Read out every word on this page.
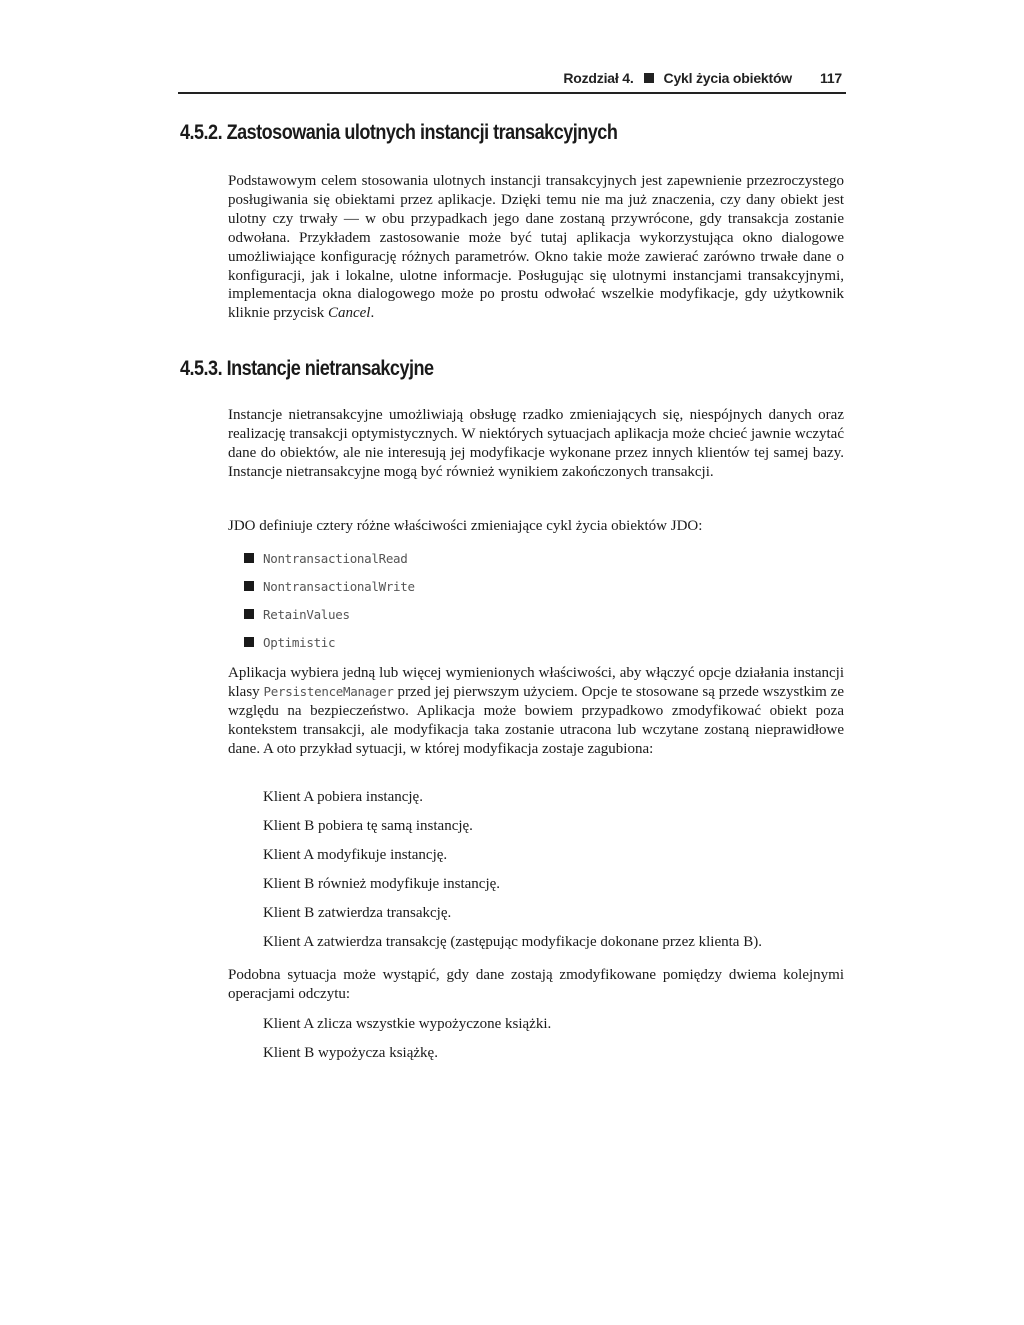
Rozdział 4. Cykl życia obiektów 117
4.5.2. Zastosowania ulotnych instancji transakcyjnych

Podstawowym celem stosowania ulotnych instancji transakcyjnych jest zapewnienie przezroczystego posługiwania się obiektami przez aplikacje. Dzięki temu nie ma już znaczenia, czy dany obiekt jest ulotny czy trwały — w obu przypadkach jego dane zostaną przywrócone, gdy transakcja zostanie odwołana. Przykładem zastosowanie może być tutaj aplikacja wykorzystująca okno dialogowe umożliwiające konfigurację różnych parametrów. Okno takie może zawierać zarówno trwałe dane o konfiguracji, jak i lokalne, ulotne informacje. Posługując się ulotnymi instancjami transakcyjnymi, implementacja okna dialogowego może po prostu odwołać wszelkie modyfikacje, gdy użytkownik kliknie przycisk Cancel.

4.5.3. Instancje nietransakcyjne

Instancje nietransakcyjne umożliwiają obsługę rzadko zmieniających się, niespójnych danych oraz realizację transakcji optymistycznych. W niektórych sytuacjach aplikacja może chcieć jawnie wczytać dane do obiektów, ale nie interesują jej modyfikacje wykonane przez innych klientów tej samej bazy. Instancje nietransakcyjne mogą być również wynikiem zakończonych transakcji.

JDO definiuje cztery różne właściwości zmieniające cykl życia obiektów JDO:

NontransactionalRead
NontransactionalWrite
RetainValues
Optimistic

Aplikacja wybiera jedną lub więcej wymienionych właściwości, aby włączyć opcje działania instancji klasy PersistenceManager przed jej pierwszym użyciem. Opcje te stosowane są przede wszystkim ze względu na bezpieczeństwo. Aplikacja może bowiem przypadkowo zmodyfikować obiekt poza kontekstem transakcji, ale modyfikacja taka zostanie utracona lub wczytane zostaną nieprawidłowe dane. A oto przykład sytuacji, w której modyfikacja zostaje zagubiona:

Klient A pobiera instancję.
Klient B pobiera tę samą instancję.
Klient A modyfikuje instancję.
Klient B również modyfikuje instancję.
Klient B zatwierdza transakcję.
Klient A zatwierdza transakcję (zastępując modyfikacje dokonane przez klienta B).

Podobna sytuacja może wystąpić, gdy dane zostają zmodyfikowane pomiędzy dwiema kolejnymi operacjami odczytu:

Klient A zlicza wszystkie wypożyczone książki.
Klient B wypożycza książkę.
